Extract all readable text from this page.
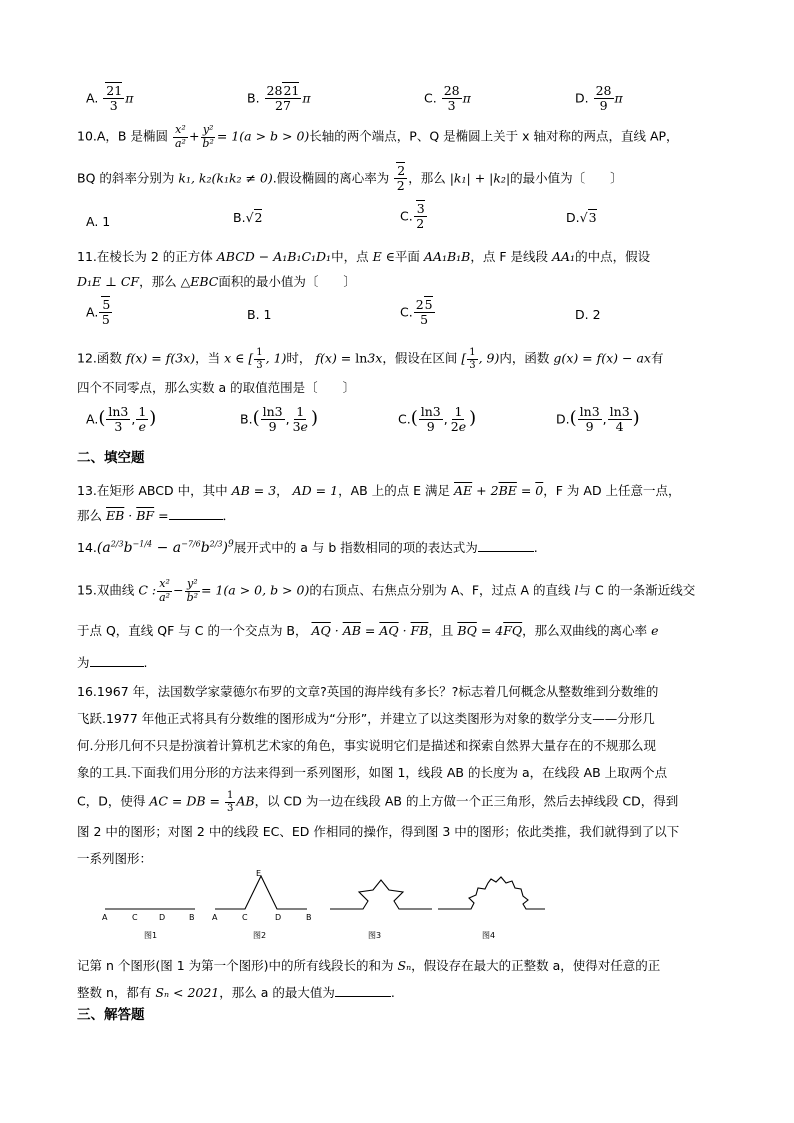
A. $\frac{21}{3}$ π	B. $\frac{2821}{27}$ π	C. $\frac{28}{3}$ π	D. $\frac{28}{9}$ π
10.A，B 是椭圆 $\frac{\text{x²}}{\text{a²}} + \frac{\text{y²}}{\text{b²}} = 1(a > b > 0)$长轴的两个端点，P、Q 是椭圆上关于 x 轴对称的两点，直线 AP，
BQ 的斜率分别为 k₁, k₂(k₁k₂ ≠ 0).假设椭圆的离心率为 $\frac{2}{2}$ ，那么 |k₁| + |k₂|的最小值为〔　　〕
A. 1	B.√2	C. $\frac{3}{2}$	D.√3
11.在棱长为 2 的正方体 ABCD − A₁B₁C₁D₁中，点 E ∈平面 AA₁B₁B，点 F 是线段 AA₁的中点，假设
D₁E ⊥ CF，那么 △EBC面积的最小值为〔　　〕
A. $\frac{5}{5}$	B. 1	C. $\frac{25}{5}$	D. 2
12.函数 f(x) = f(3x)，当 x ∈ [ $\frac{1}{3}$ , 1)时， f(x) = ln3x，假设在区间 [ $\frac{1}{3}$ , 9)内，函数 g(x) = f(x) − ax有
四个不同零点，那么实数 a 的取值范围是〔　　〕
$A.( \frac{\ln 3}{3}$ , $\frac{1}{e}$ )	$B.( \frac{\ln 3}{9}$ , $\frac{1}{3e}$ )	$C.( \frac{\ln 3}{9}$ , $\frac{1}{2e}$ )	$D.( \frac{\ln 3}{9}$ , $\frac{\ln 3}{4}$ )
二、填空题
13.在矩形 ABCD 中，其中 AB = 3， AD = 1，AB 上的点 E 满足 $\overline{AE} + 2\overline{BE} = 0$，F 为 AD 上任意一点，
那么 $\overline{EB} \cdot \overline{BF}$ =	．
$14.(a^{2/3}b^{-1/4} - a^{-7/6}b^{2/3})^9$展开式中的 a 与 b 指数相同的项的表达式为	.
15.双曲线 C : $\frac{\text{x²}}{\text{a²}} - \frac{\text{y²}}{\text{b²}} = 1(a > 0$, b > 0)的右顶点、右焦点分别为 A、F，过点 A 的直线 l与 C 的一条渐近线交
于点 Q，直线 QF 与 C 的一个交点为 B， $\overline{AQ} \cdot \overline{AB} = \overline{AQ} \cdot \overline{FB}$，且 $\overline{BQ} = 4\overline{FQ}$，那么双曲线的离心率 e
为	.
16.1967 年，法国数学家蒙德尔布罗的文章?英国的海岸线有多长？?标志着几何概念从整数维到分数维的
飞跃.1977 年他正式将具有分数维的图形成为“分形”，并建立了以这类图形为对象的数学分支——分形几
何.分形几何不只是扮演着计算机艺术家的角色，事实说明它们是描述和探索自然界大量存在的不规那么现
象的工具.下面我们用分形的方法来得到一系列图形，如图 1，线段 AB 的长度为 a，在线段 AB 上取两个点
C，D，使得 AC = DB = $\frac{1}{3}$ AB，以 CD 为一边在线段 AB 的上方做一个正三角形，然后去掉线段 CD，得到
图 2 中的图形；对图 2 中的线段 EC、ED 作相同的操作，得到图 3 中的图形；依此类推，我们就得到了以下
一系列图形：
A	C	D	B A	C
E
D	B
图1	图2	图3	图4
记第 n 个图形(图 1 为第一个图形)中的所有线段长的和为 Sₙ，假设存在最大的正整数 a，使得对任意的正
整数 n，都有 Sₙ < 2021，那么 a 的最大值为	.
三、解答题
